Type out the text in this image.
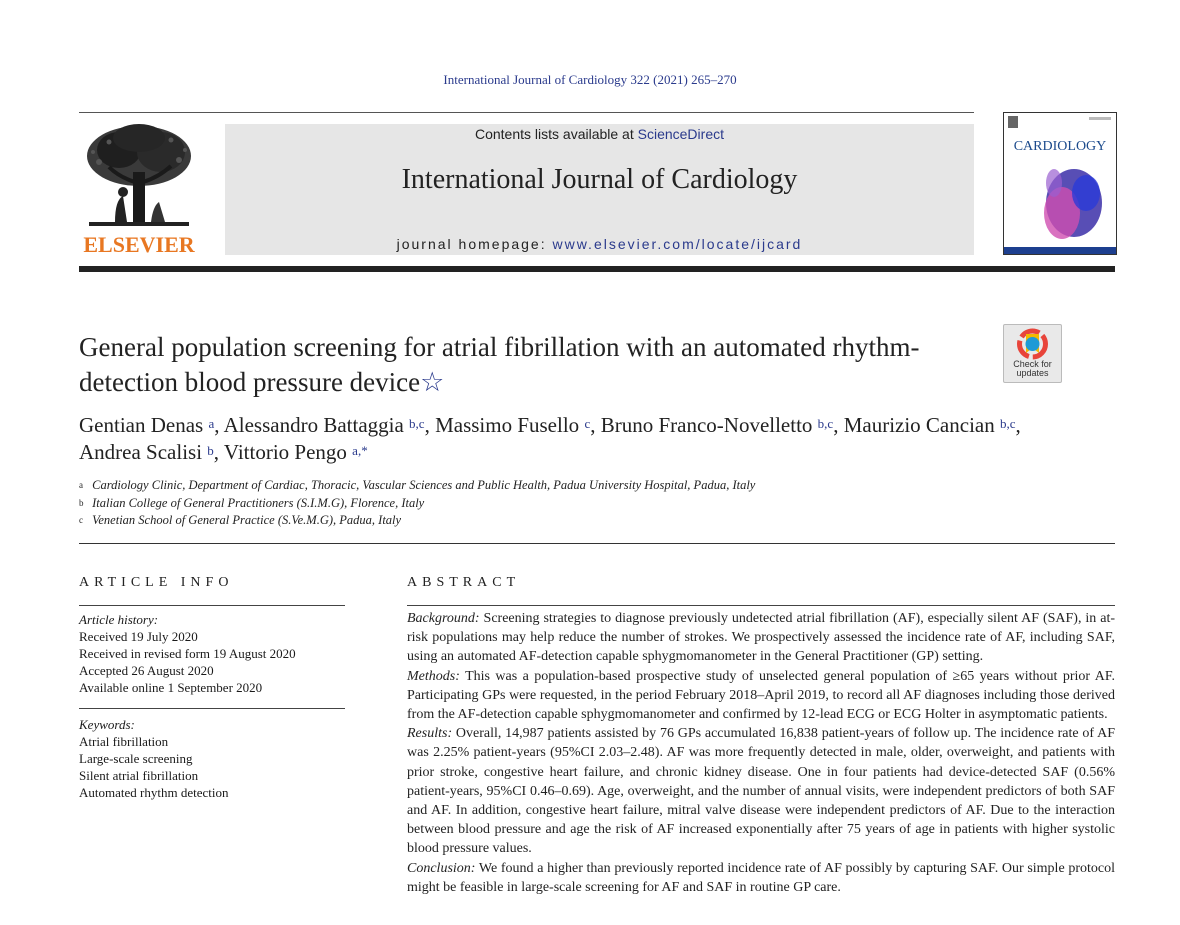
International Journal of Cardiology 322 (2021) 265–270
ELSEVIER
Contents lists available at ScienceDirect
International Journal of Cardiology
journal homepage: www.elsevier.com/locate/ijcard
CARDIOLOGY
General population screening for atrial fibrillation with an automated rhythm-detection blood pressure device☆
Check for updates
Gentian Denas $^a$, Alessandro Battaggia $^{b,c}$, Massimo Fusello $^c$, Bruno Franco-Novelletto $^{b,c}$, Maurizio Cancian $^{b,c}$,
Andrea Scalisi $^b$, Vittorio Pengo $^{a,*}$
a Cardiology Clinic, Department of Cardiac, Thoracic, Vascular Sciences and Public Health, Padua University Hospital, Padua, Italy
b Italian College of General Practitioners (S.I.M.G), Florence, Italy
c Venetian School of General Practice (S.Ve.M.G), Padua, Italy
ARTICLE INFO	ABSTRACT
Article history:
Received 19 July 2020
Received in revised form 19 August 2020
Accepted 26 August 2020
Available online 1 September 2020
Keywords:
Atrial fibrillation
Large-scale screening
Silent atrial fibrillation
Automated rhythm detection

Background: Screening strategies to diagnose previously undetected atrial fibrillation (AF), especially silent AF (SAF), in at-risk populations may help reduce the number of strokes. We prospectively assessed the incidence rate of AF, including SAF, using an automated AF-detection capable sphygmomanometer in the General Practitioner (GP) setting.

Methods: This was a population-based prospective study of unselected general population of ≥65 years without prior AF. Participating GPs were requested, in the period February 2018–April 2019, to record all AF diagnoses including those derived from the AF-detection capable sphygmomanometer and confirmed by 12-lead ECG or ECG Holter in asymptomatic patients.

Results: Overall, 14,987 patients assisted by 76 GPs accumulated 16,838 patient-years of follow up. The incidence rate of AF was 2.25% patient-years (95%CI 2.03–2.48). AF was more frequently detected in male, older, overweight, and patients with prior stroke, congestive heart failure, and chronic kidney disease. One in four patients had device-detected SAF (0.56% patient-years, 95%CI 0.46–0.69). Age, overweight, and the number of annual visits, were independent predictors of both SAF and AF. In addition, congestive heart failure, mitral valve disease were independent predictors of AF. Due to the interaction between blood pressure and age the risk of AF increased exponentially after 75 years of age in patients with higher systolic blood pressure values.

Conclusion: We found a higher than previously reported incidence rate of AF possibly by capturing SAF. Our simple protocol might be feasible in large-scale screening for AF and SAF in routine GP care.
